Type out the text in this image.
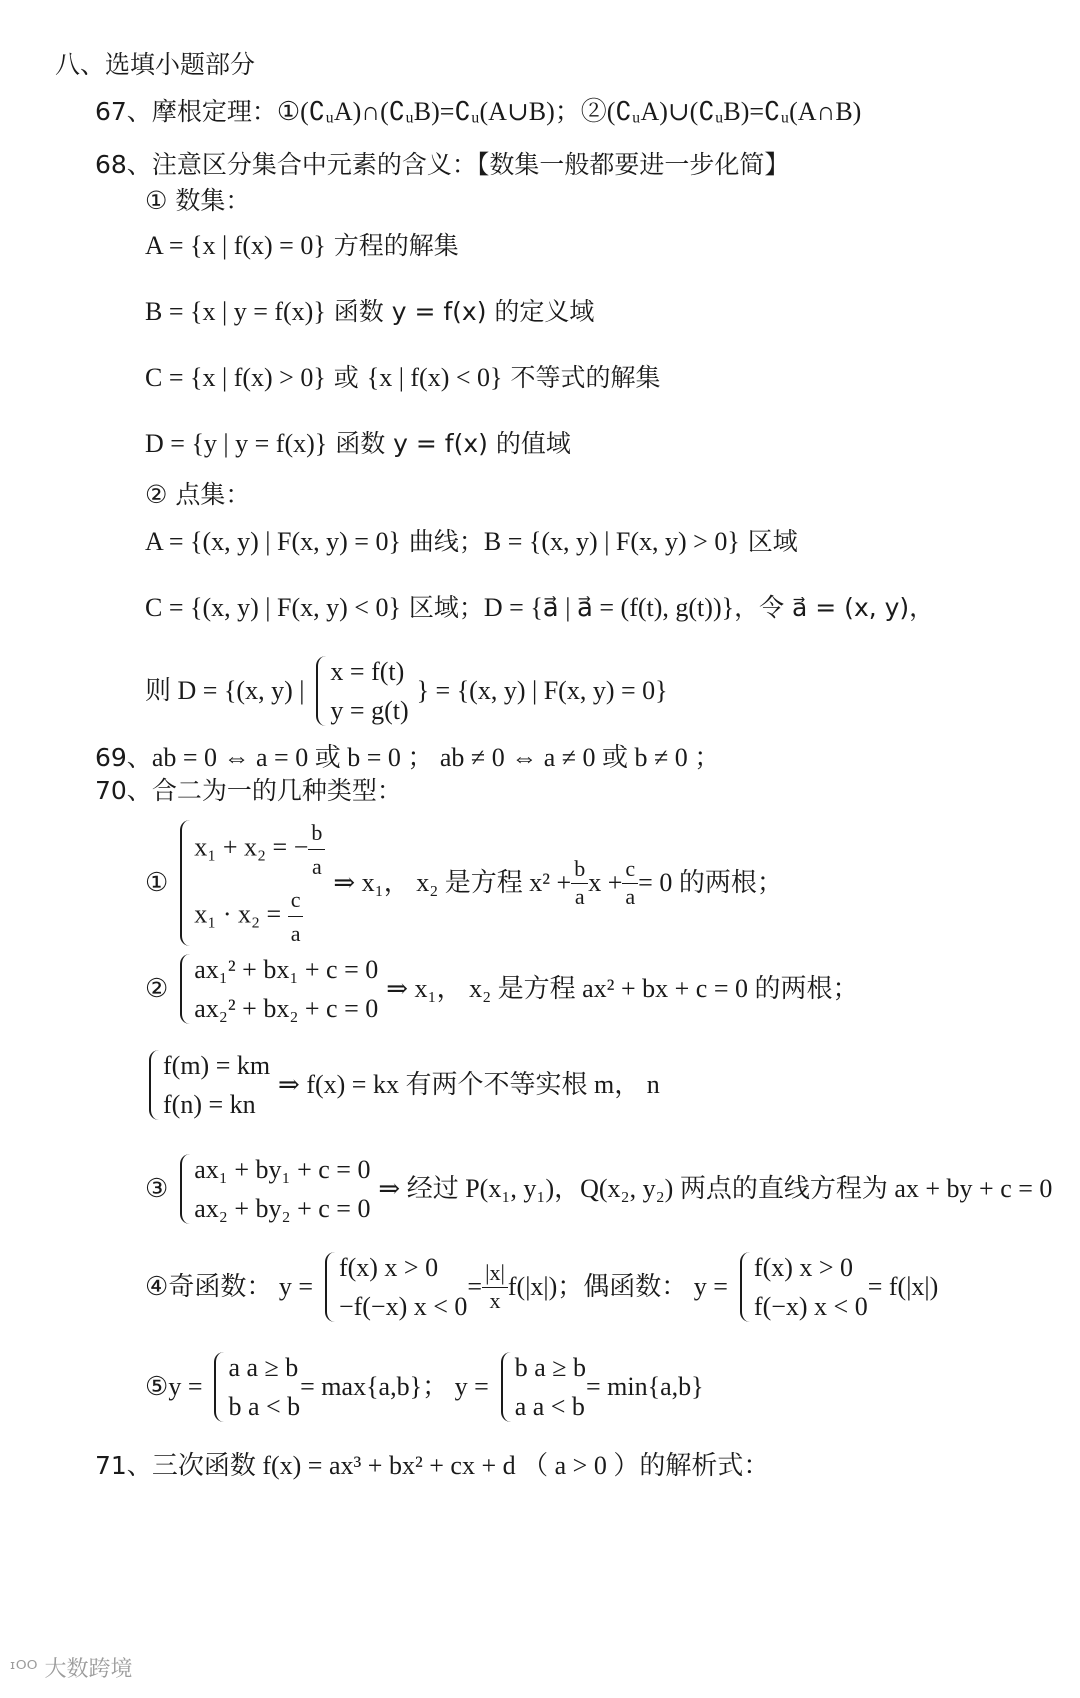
八、选填小题部分
67、摩根定理：①(∁ᵤA)∩(∁ᵤB)=∁ᵤ(A∪B)；②(∁ᵤA)∪(∁ᵤB)=∁ᵤ(A∩B)
68、注意区分集合中元素的含义：【数集一般都要进一步化简】
① 数集：
A = {x | f(x) = 0} 方程的解集
B = {x | y = f(x)} 函数 y = f(x) 的定义域
C = {x | f(x) > 0} 或 {x | f(x) < 0} 不等式的解集
D = {y | y = f(x)} 函数 y = f(x) 的值域
② 点集：
A = {(x, y) | F(x, y) = 0} 曲线；B = {(x, y) | F(x, y) > 0} 区域
C = {(x, y) | F(x, y) < 0} 区域；D = {a⃗ | a⃗ = (f(t), g(t))}，令 a⃗ = (x, y)，
则 D = {(x, y) |
x = f(t)
y = g(t)
} = {(x, y) | F(x, y) = 0}
69、ab = 0 ⇔ a = 0 或 b = 0 ； ab ≠ 0 ⇔ a ≠ 0 或 b ≠ 0 ；
70、合二为一的几种类型：
①
x₁ + x₂ = − $\frac{b}{a}$
$x_1 \cdot x_2 = \frac{c}{a}$
⇒ x₁， x₂ 是方程 $x^2 + \frac{b}{a}$ $x + \frac{c}{a} = 0$ 的两根；
②
ax₁² + bx₁ + c = 0
ax₂² + bx₂ + c = 0
⇒ x₁， x₂ 是方程 ax² + bx + c = 0 的两根；
f(m) = km
f(n) = kn
⇒ f(x) = kx 有两个不等实根 m， n
③
ax₁ + by₁ + c = 0
ax₂ + by₂ + c = 0
⇒ 经过 P(x₁, y₁)，Q(x₂, y₂) 两点的直线方程为 ax + by + c = 0
④奇函数： y =
f(x) x > 0
−f(−x) x < 0
= $\frac{|x|}{x} f(|x|)$；偶函数： y =
f(x) x > 0
f(−x) x < 0
= f(|x|)
⑤y =
a a ≥ b
b a < b
= max{a,b}； y =
b a ≥ b
a a < b
= min{a,b}
71、三次函数 f(x) = ax³ + bx² + cx + d （ a > 0 ）的解析式：
ᶦᴼᴼ 大数跨境
